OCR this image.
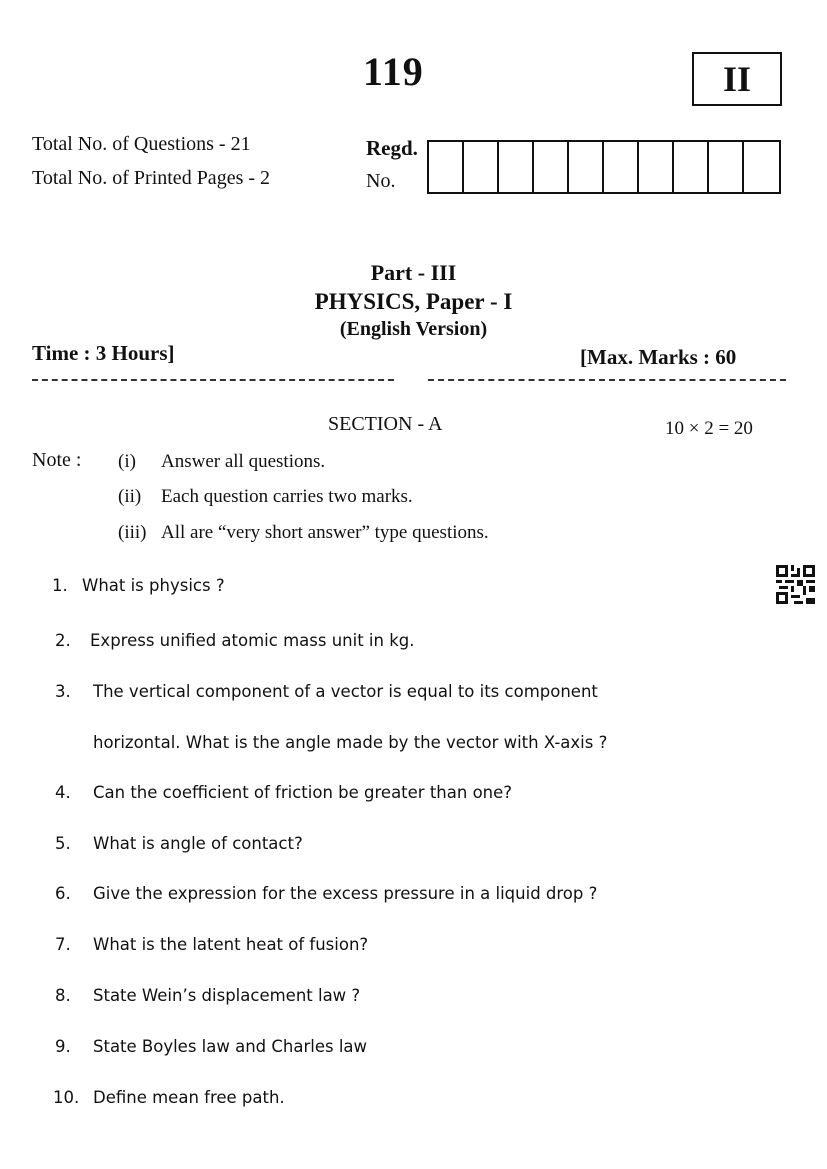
119	II
Total No. of Questions - 21
Total No. of Printed Pages - 2
Regd.
No.
Part - III
PHYSICS, Paper - I
(English Version)
Time : 3 Hours]	[Max. Marks : 60
SECTION - A	10 × 2 = 20
Note : (i) Answer all questions.
(ii) Each question carries two marks.
(iii) All are “very short answer” type questions.
1. What is physics ?
2. Express unified atomic mass unit in kg.
3. The vertical component of a vector is equal to its component
horizontal. What is the angle made by the vector with X-axis ?
4. Can the coefficient of friction be greater than one?
5. What is angle of contact?
6. Give the expression for the excess pressure in a liquid drop ?
7. What is the latent heat of fusion?
8. State Wein’s displacement law ?
9. State Boyles law and Charles law
10. Define mean free path.
